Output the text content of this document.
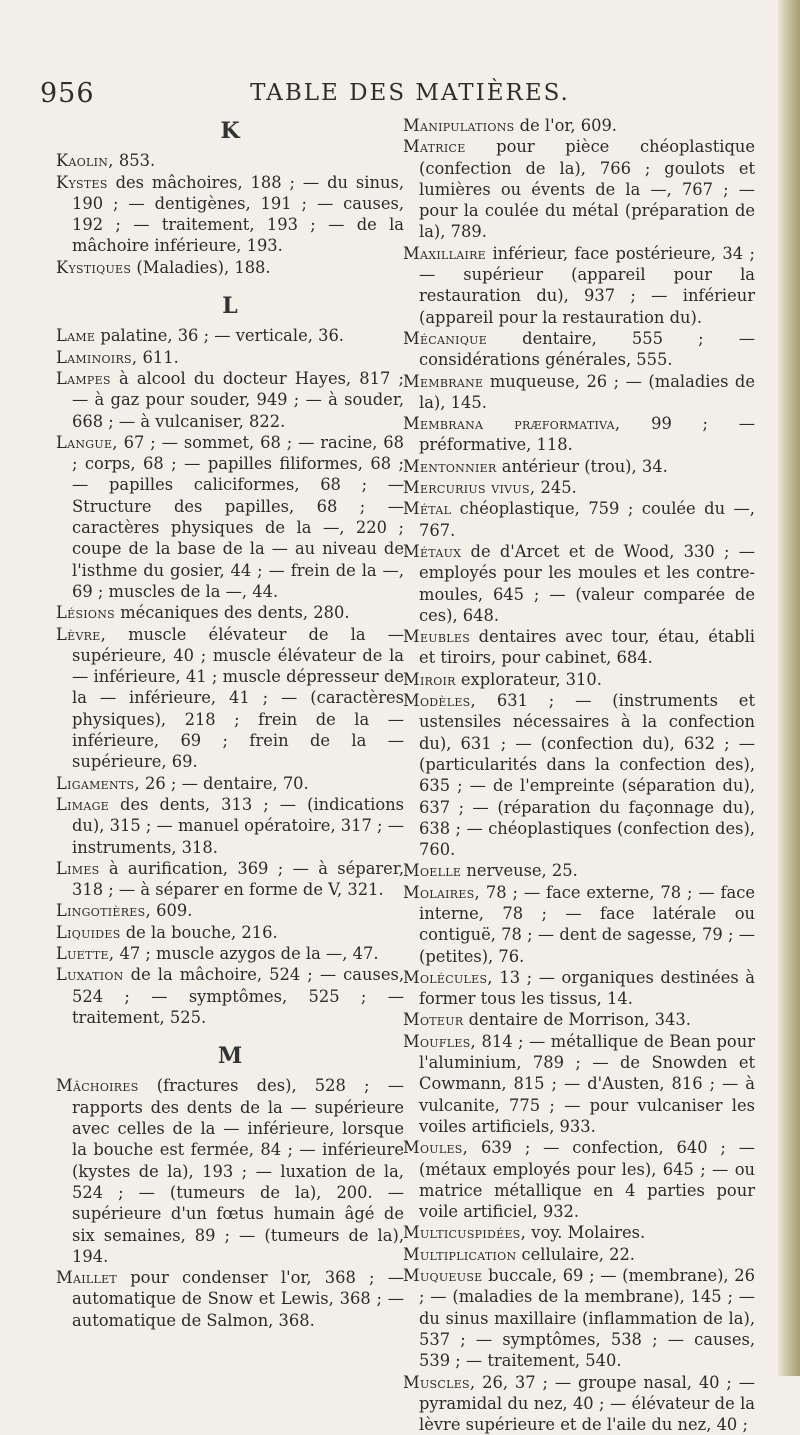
956	TABLE DES MATIÈRES.
K

Kaolin, 853.

Kystes des mâchoires, 188 ; — du sinus, 190 ; — dentigènes, 191 ; — causes, 192 ; — traitement, 193 ; — de la mâchoire inférieure, 193.

Kystiques (Maladies), 188.

L

Lame palatine, 36 ; — verticale, 36.

Laminoirs, 611.

Lampes à alcool du docteur Hayes, 817 ; — à gaz pour souder, 949 ; — à souder, 668 ; — à vulcaniser, 822.

Langue, 67 ; — sommet, 68 ; — racine, 68 ; corps, 68 ; — papilles filiformes, 68 ; — papilles caliciformes, 68 ; — Structure des papilles, 68 ; — caractères physiques de la —, 220 ; coupe de la base de la — au niveau de l'isthme du gosier, 44 ; — frein de la —, 69 ; muscles de la —, 44.

Lésions mécaniques des dents, 280.

Lèvre, muscle élévateur de la — supérieure, 40 ; muscle élévateur de la — inférieure, 41 ; muscle dépresseur de la — inférieure, 41 ; — (caractères physiques), 218 ; frein de la — inférieure, 69 ; frein de la — supérieure, 69.

Ligaments, 26 ; — dentaire, 70.

Limage des dents, 313 ; — (indications du), 315 ; — manuel opératoire, 317 ; — instruments, 318.

Limes à aurification, 369 ; — à séparer, 318 ; — à séparer en forme de V, 321.

Lingotières, 609.

Liquides de la bouche, 216.

Luette, 47 ; muscle azygos de la —, 47.

Luxation de la mâchoire, 524 ; — causes, 524 ; — symptômes, 525 ; — traitement, 525.

M

Mâchoires (fractures des), 528 ; — rapports des dents de la — supérieure avec celles de la — inférieure, lorsque la bouche est fermée, 84 ; — inférieure (kystes de la), 193 ; — luxation de la, 524 ; — (tumeurs de la), 200. — supérieure d'un fœtus humain âgé de six semaines, 89 ; — (tumeurs de la), 194.

Maillet pour condenser l'or, 368 ; — automatique de Snow et Lewis, 368 ; — automatique de Salmon, 368.

Manipulations de l'or, 609.

Matrice pour pièce chéoplastique (confection de la), 766 ; goulots et lumières ou évents de la —, 767 ; — pour la coulée du métal (préparation de la), 789.

Maxillaire inférieur, face postérieure, 34 ; — supérieur (appareil pour la restauration du), 937 ; — inférieur (appareil pour la restauration du).

Mécanique dentaire, 555 ; — considérations générales, 555.

Membrane muqueuse, 26 ; — (maladies de la), 145.

Membrana præformativa, 99 ; — préformative, 118.

Mentonnier antérieur (trou), 34.

Mercurius vivus, 245.

Métal chéoplastique, 759 ; coulée du —, 767.

Métaux de d'Arcet et de Wood, 330 ; — employés pour les moules et les contre-moules, 645 ; — (valeur comparée de ces), 648.

Meubles dentaires avec tour, étau, établi et tiroirs, pour cabinet, 684.

Miroir explorateur, 310.

Modèles, 631 ; — (instruments et ustensiles nécessaires à la confection du), 631 ; — (confection du), 632 ; — (particularités dans la confection des), 635 ; — de l'empreinte (séparation du), 637 ; — (réparation du façonnage du), 638 ; — chéoplastiques (confection des), 760.

Moelle nerveuse, 25.

Molaires, 78 ; — face externe, 78 ; — face interne, 78 ; — face latérale ou contiguë, 78 ; — dent de sagesse, 79 ; — (petites), 76.

Molécules, 13 ; — organiques destinées à former tous les tissus, 14.

Moteur dentaire de Morrison, 343.

Moufles, 814 ; — métallique de Bean pour l'aluminium, 789 ; — de Snowden et Cowmann, 815 ; — d'Austen, 816 ; — à vulcanite, 775 ; — pour vulcaniser les voiles artificiels, 933.

Moules, 639 ; — confection, 640 ; — (métaux employés pour les), 645 ; — ou matrice métallique en 4 parties pour voile artificiel, 932.

Multicuspidées, voy. Molaires.

Multiplication cellulaire, 22.

Muqueuse buccale, 69 ; — (membrane), 26 ; — (maladies de la membrane), 145 ; — du sinus maxillaire (inflammation de la), 537 ; — symptômes, 538 ; — causes, 539 ; — traitement, 540.

Muscles, 26, 37 ; — groupe nasal, 40 ; — pyramidal du nez, 40 ; — élévateur de la lèvre supérieure et de l'aile du nez, 40 ;
